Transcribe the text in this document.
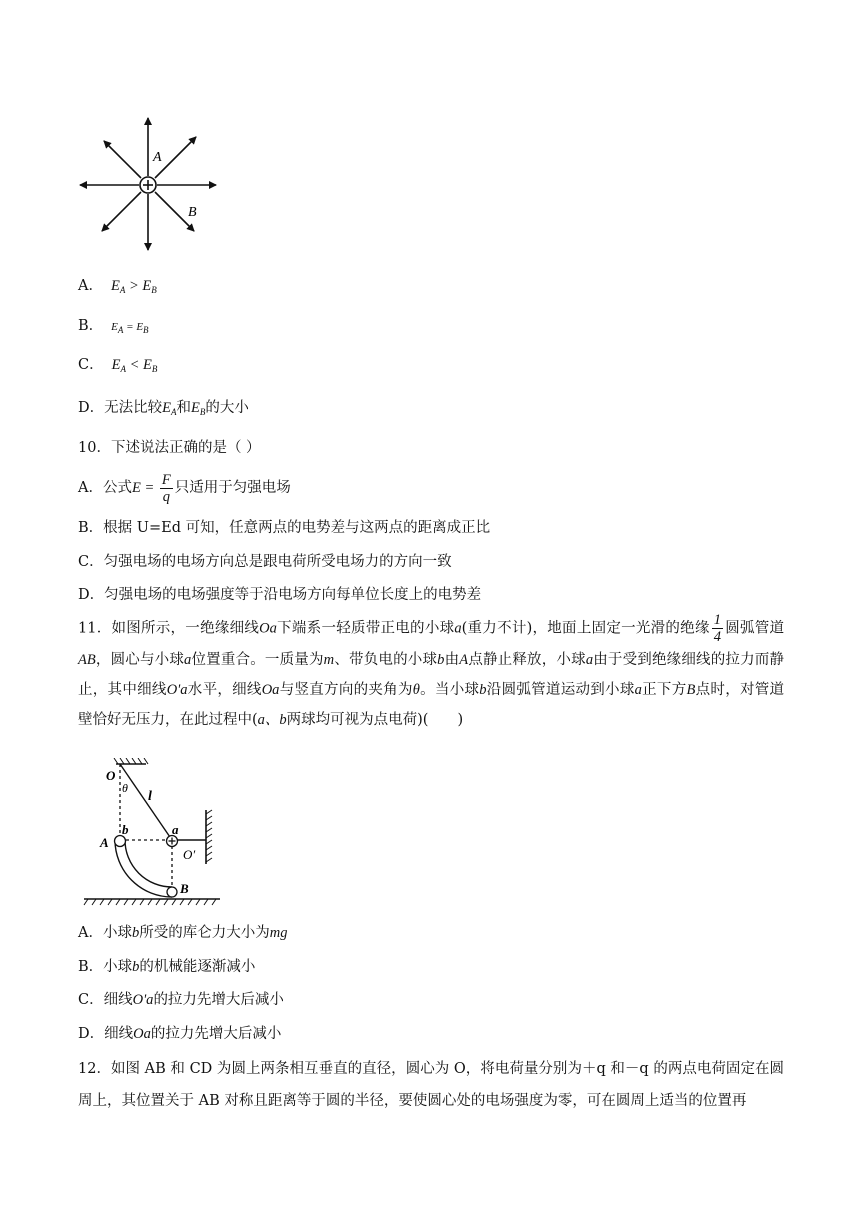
A
B
A． $E_A > E_B$
B． $E_A = E_B$
C． $E_A < E_B$
D．无法比较$E_A$和$E_B$的大小
10．下述说法正确的是（ ）
A．公式$E = \frac{F}{q}$ 只适用于匀强电场
B．根据 U=Ed 可知，任意两点的电势差与这两点的距离成正比
C．匀强电场的电场方向总是跟电荷所受电场力的方向一致
D．匀强电场的电场强度等于沿电场方向每单位长度上的电势差
11．如图所示，一绝缘细线Oa下端系一轻质带正电的小球a(重力不计)，地面上固定一光滑的绝缘 $\frac{1}{4}$ 圆弧管道AB，圆心与小球a位置重合。一质量为m、带负电的小球b由A点静止释放，小球a由于受到绝缘细线的拉力而静止，其中细线O'a水平，细线Oa与竖直方向的夹角为θ。当小球b沿圆弧管道运动到小球a正下方B点时，对管道壁恰好无压力，在此过程中(a、b两球均可视为点电荷)(　　)
O
θ
l
b	a
A
O′
B
A．小球b所受的库仑力大小为mg
B．小球b的机械能逐渐减小
C．细线O'a的拉力先增大后减小
D．细线Oa的拉力先增大后减小
12．如图 AB 和 CD 为圆上两条相互垂直的直径，圆心为 O，将电荷量分别为＋q 和－q 的两点电荷固定在圆周上，其位置关于 AB 对称且距离等于圆的半径，要使圆心处的电场强度为零，可在圆周上适当的位置再
